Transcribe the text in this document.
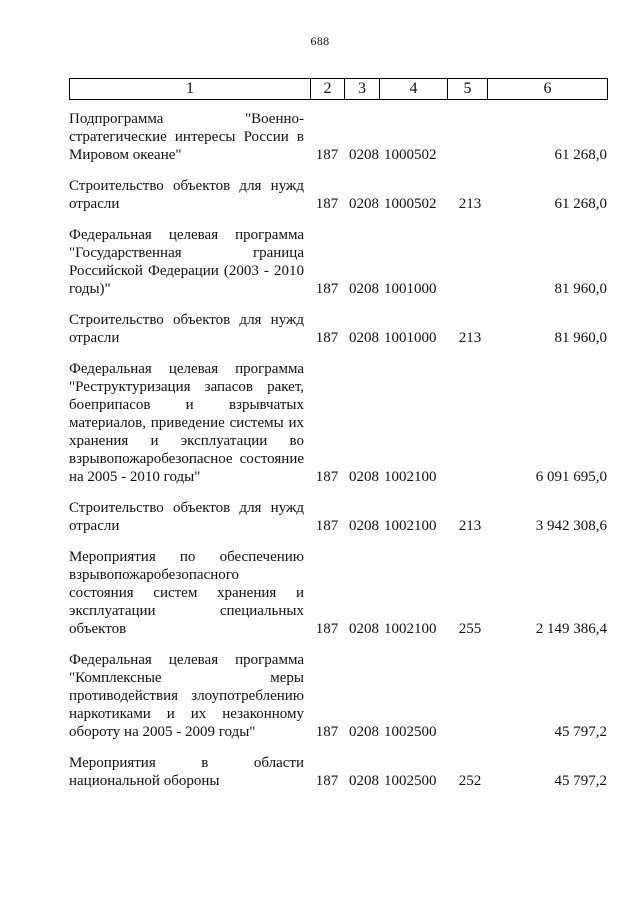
688
1	2	3	4	5	6
Подпрограмма "Военно-стратегические интересы России в Мировом океане"	187	0208	1000502		61 268,0
Строительство объектов для нужд отрасли	187	0208	1000502	213	61 268,0
Федеральная целевая программа "Государственная граница Российской Федерации (2003 - 2010 годы)"	187	0208	1001000		81 960,0
Строительство объектов для нужд отрасли	187	0208	1001000	213	81 960,0
Федеральная целевая программа "Реструктуризация запасов ракет, боеприпасов и взрывчатых материалов, приведение системы их хранения и эксплуатации во взрывопожаробезопасное состояние на 2005 - 2010 годы"	187	0208	1002100		6 091 695,0
Строительство объектов для нужд отрасли	187	0208	1002100	213	3 942 308,6
Мероприятия по обеспечению взрывопожаробезопасного состояния систем хранения и эксплуатации специальных объектов	187	0208	1002100	255	2 149 386,4
Федеральная целевая программа "Комплексные меры противодействия злоупотреблению наркотиками и их незаконному обороту на 2005 - 2009 годы"	187	0208	1002500		45 797,2
Мероприятия в области национальной обороны	187	0208	1002500	252	45 797,2
